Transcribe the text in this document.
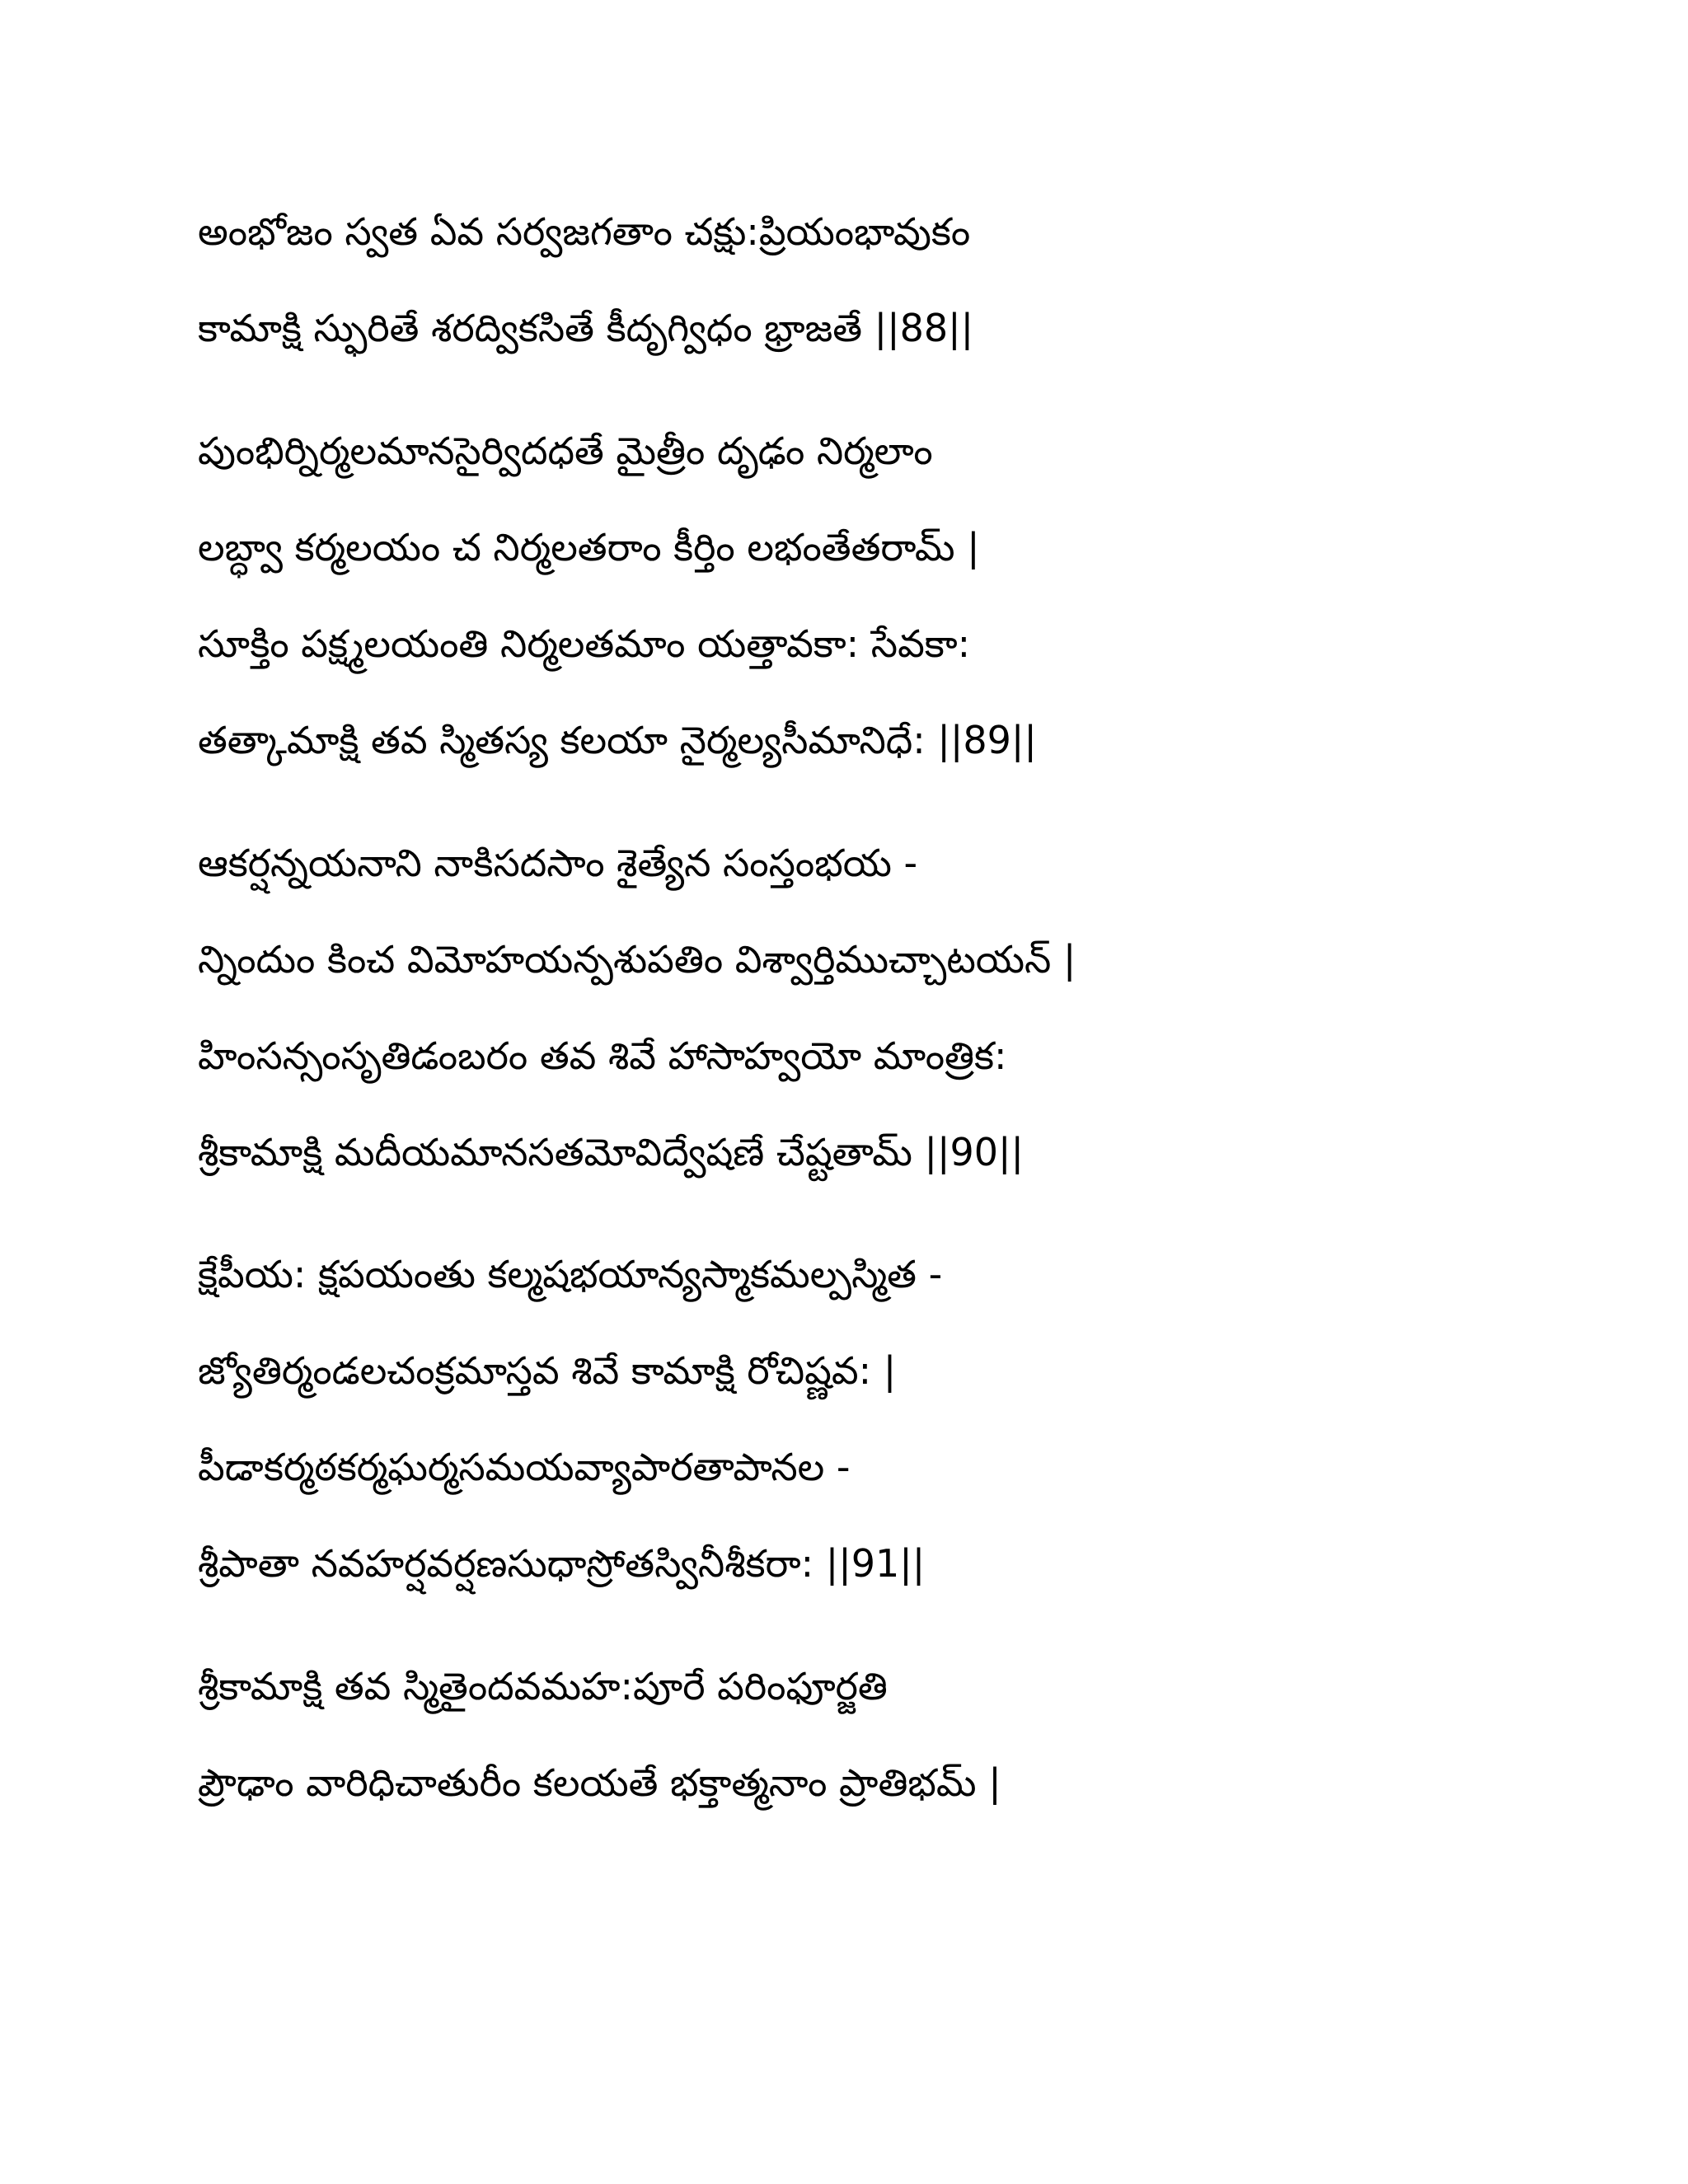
అంభోజం స్వత ఏవ సర్వజగతాం చక్షు:ప్రియంభావుకం
కామాక్షి స్ఫురితే శరద్వికసితే కీదృగ్విధం భ్రాజతే ||88||
పుంభిర్నిర్మలమానసైర్విదధతే మైత్రీం దృఢం నిర్మలాం
లబ్ధ్వా కర్మలయం చ నిర్మలతరాం కీర్తిం లభంతేతరామ్ |
సూక్తిం పక్ష్మలయంతి నిర్మలతమాం యత్తావకా: సేవకా:
తత్కామాక్షి తవ స్మితస్య కలయా నైర్మల్యసీమానిధే: ||89||
ఆకర్షన్నయనాని నాకిసదసాం శైత్యేన సంస్తంభయ -
న్నిందుం కించ విమోహయన్పశుపతిం విశ్వార్తిముచ్చాటయన్ |
హింసన్సంసృతిడంబరం తవ శివే హాసాహ్వయో మాంత్రిక:
శ్రీకామాక్షి మదీయమానసతమోవిద్వేషణే చేష్టతామ్ ||90||
క్షేపీయ: క్షపయంతు కల్మషభయాన్యస్మాకమల్పస్మిత -
జ్యోతిర్మండలచంక్రమాస్తవ శివే కామాక్షి రోచిష్ణవ: |
పీడాకర్మఠకర్మఘర్మసమయవ్యాపారతాపానల -
శ్రీపాతా నవహర్షవర్షణసుధాస్రోతస్వినీశీకరా: ||91||
శ్రీకామాక్షి తవ స్మితైందవమహ:పూరే పరింఫూర్జతి
ప్రౌఢాం వారిధిచాతురీం కలయతే భక్తాత్మనాం ప్రాతిభమ్ |
